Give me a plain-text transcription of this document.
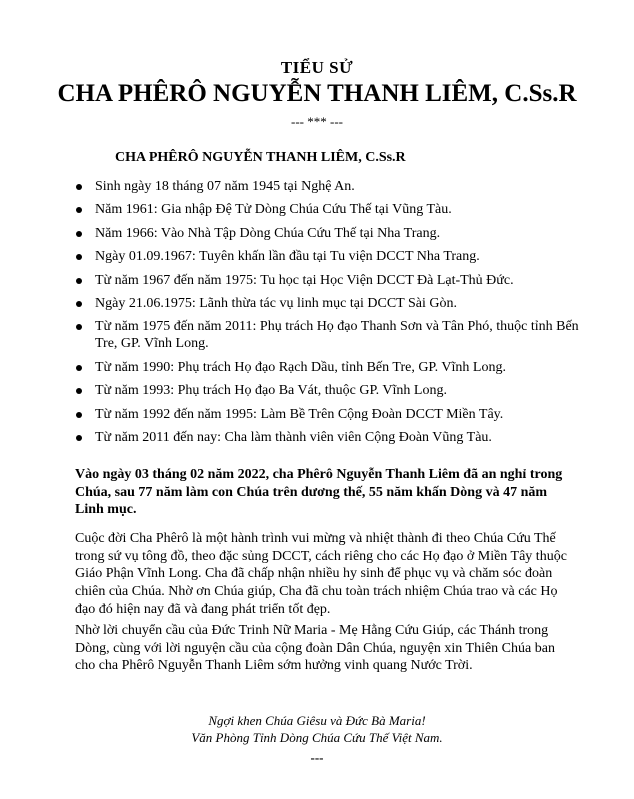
TIỂU SỬ
CHA PHÊRÔ NGUYỄN THANH LIÊM, C.Ss.R
--- *** ---
CHA PHÊRÔ NGUYỄN THANH LIÊM, C.Ss.R
Sinh ngày 18 tháng 07 năm 1945 tại Nghệ An.
Năm 1961: Gia nhập Đệ Tử Dòng Chúa Cứu Thế tại Vũng Tàu.
Năm 1966: Vào Nhà Tập Dòng Chúa Cứu Thế tại Nha Trang.
Ngày 01.09.1967: Tuyên khấn lần đầu tại Tu viện DCCT Nha Trang.
Từ năm 1967 đến năm 1975: Tu học tại Học Viện DCCT Đà Lạt-Thủ Đức.
Ngày 21.06.1975: Lãnh thừa tác vụ linh mục tại DCCT Sài Gòn.
Từ năm 1975 đến năm 2011: Phụ trách Họ đạo Thanh Sơn và Tân Phó, thuộc tỉnh Bến Tre, GP. Vĩnh Long.
Từ năm 1990: Phụ trách Họ đạo Rạch Dầu, tỉnh Bến Tre, GP. Vĩnh Long.
Từ năm 1993: Phụ trách Họ đạo Ba Vát, thuộc GP. Vĩnh Long.
Từ năm 1992 đến năm 1995: Làm Bề Trên Cộng Đoàn DCCT Miền Tây.
Từ năm 2011 đến nay: Cha làm thành viên viên Cộng Đoàn Vũng Tàu.

Vào ngày 03 tháng 02 năm 2022, cha Phêrô Nguyễn Thanh Liêm đã an nghỉ trong Chúa, sau 77 năm làm con Chúa trên dương thế, 55 năm khấn Dòng và 47 năm Linh mục.

Cuộc đời Cha Phêrô là một hành trình vui mừng và nhiệt thành đi theo Chúa Cứu Thế trong sứ vụ tông đồ, theo đặc sủng DCCT, cách riêng cho các Họ đạo ở Miền Tây thuộc Giáo Phận Vĩnh Long. Cha đã chấp nhận nhiều hy sinh để phục vụ và chăm sóc đoàn chiên của Chúa. Nhờ ơn Chúa giúp, Cha đã chu toàn trách nhiệm Chúa trao và các Họ đạo đó hiện nay đã và đang phát triển tốt đẹp.

Nhờ lời chuyển cầu của Đức Trinh Nữ Maria - Mẹ Hằng Cứu Giúp, các Thánh trong Dòng, cùng với lời nguyện cầu của cộng đoàn Dân Chúa, nguyện xin Thiên Chúa ban cho cha Phêrô Nguyễn Thanh Liêm sớm hưởng vinh quang Nước Trời.

Ngợi khen Chúa Giêsu và Đức Bà Maria!
Văn Phòng Tỉnh Dòng Chúa Cứu Thế Việt Nam.
---
